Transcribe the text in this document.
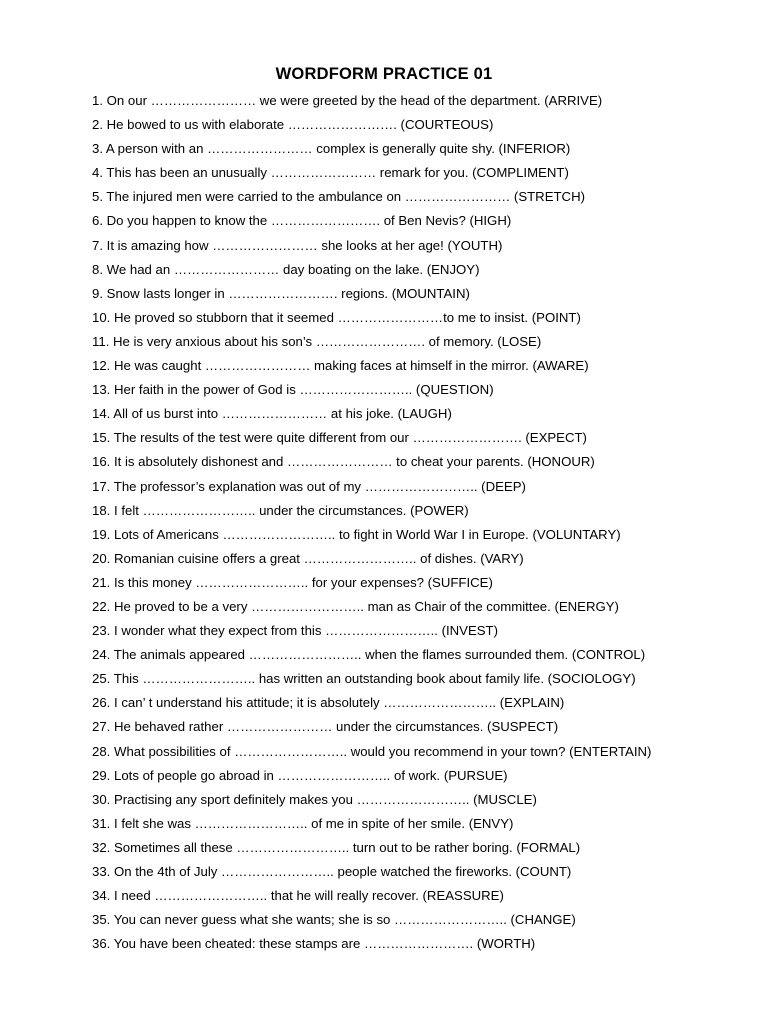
WORDFORM PRACTICE 01
1. On our …………………… we were greeted by the head of the department. (ARRIVE)
2. He bowed to us with elaborate ……………………. (COURTEOUS)
3. A person with an …………………… complex is generally quite shy. (INFERIOR)
4. This has been an unusually …………………… remark for you. (COMPLIMENT)
5. The injured men were carried to the ambulance on …………………… (STRETCH)
6. Do you happen to know the ……………………. of Ben Nevis? (HIGH)
7. It is amazing how …………………… she looks at her age! (YOUTH)
8. We had an …………………… day boating on the lake. (ENJOY)
9. Snow lasts longer in ……………………. regions. (MOUNTAIN)
10. He proved so stubborn that it seemed ……………………to me to insist. (POINT)
11. He is very anxious about his son’s ……………………. of memory. (LOSE)
12. He was caught …………………… making faces at himself in the mirror. (AWARE)
13. Her faith in the power of God is …………………….. (QUESTION)
14. All of us burst into …………………… at his joke. (LAUGH)
15. The results of the test were quite different from our ……………………. (EXPECT)
16. It is absolutely dishonest and …………………… to cheat your parents. (HONOUR)
17. The professor’s explanation was out of my …………………….. (DEEP)
18. I felt …………………….. under the circumstances. (POWER)
19. Lots of Americans …………………….. to fight in World War I in Europe. (VOLUNTARY)
20. Romanian cuisine offers a great …………………….. of dishes. (VARY)
21. Is this money …………………….. for your expenses? (SUFFICE)
22. He proved to be a very …………………….. man as Chair of the committee. (ENERGY)
23. I wonder what they expect from this …………………….. (INVEST)
24. The animals appeared …………………….. when the flames surrounded them. (CONTROL)
25. This …………………….. has written an outstanding book about family life. (SOCIOLOGY)
26. I can’ t understand his attitude; it is absolutely …………………….. (EXPLAIN)
27. He behaved rather …………………… under the circumstances. (SUSPECT)
28. What possibilities of …………………….. would you recommend in your town? (ENTERTAIN)
29. Lots of people go abroad in …………………….. of work. (PURSUE)
30. Practising any sport definitely makes you …………………….. (MUSCLE)
31. I felt she was …………………….. of me in spite of her smile. (ENVY)
32. Sometimes all these …………………….. turn out to be rather boring. (FORMAL)
33. On the 4th of July …………………….. people watched the fireworks. (COUNT)
34. I need …………………….. that he will really recover. (REASSURE)
35. You can never guess what she wants; she is so …………………….. (CHANGE)
36. You have been cheated: these stamps are ……………………. (WORTH)
